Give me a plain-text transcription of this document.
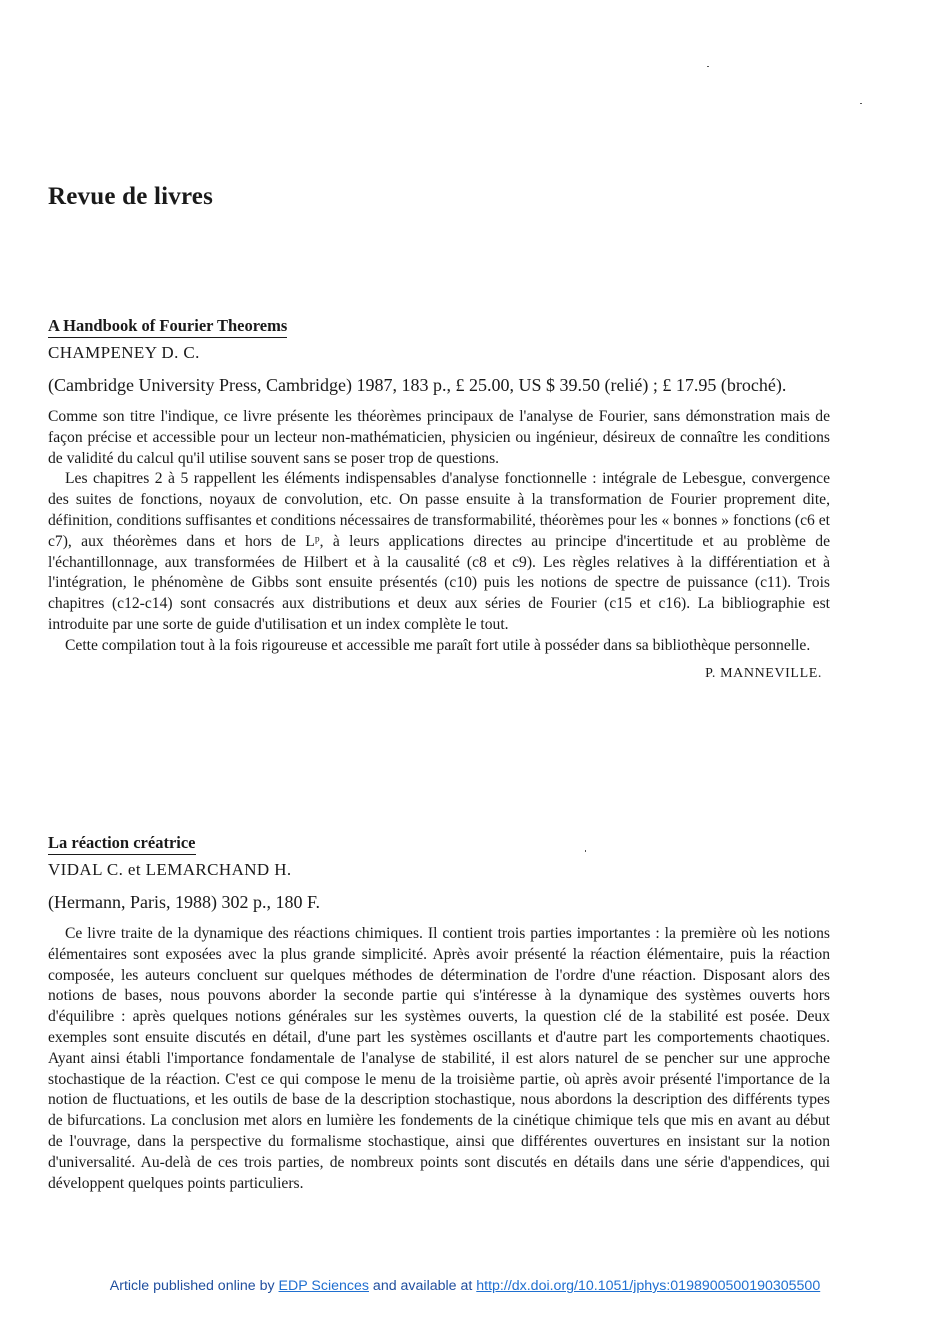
Revue de livres
A Handbook of Fourier Theorems
CHAMPENEY D. C.
(Cambridge University Press, Cambridge) 1987, 183 p., £ 25.00, US $ 39.50 (relié) ; £ 17.95 (broché).

Comme son titre l'indique, ce livre présente les théorèmes principaux de l'analyse de Fourier, sans démonstration mais de façon précise et accessible pour un lecteur non-mathématicien, physicien ou ingénieur, désireux de connaître les conditions de validité du calcul qu'il utilise souvent sans se poser trop de questions.

Les chapitres 2 à 5 rappellent les éléments indispensables d'analyse fonctionnelle : intégrale de Lebesgue, convergence des suites de fonctions, noyaux de convolution, etc. On passe ensuite à la transformation de Fourier proprement dite, définition, conditions suffisantes et conditions nécessaires de transformabilité, théorèmes pour les « bonnes » fonctions (c6 et c7), aux théorèmes dans et hors de Lᵖ, à leurs applications directes au principe d'incertitude et au problème de l'échantillonnage, aux transformées de Hilbert et à la causalité (c8 et c9). Les règles relatives à la différentiation et à l'intégration, le phénomène de Gibbs sont ensuite présentés (c10) puis les notions de spectre de puissance (c11). Trois chapitres (c12-c14) sont consacrés aux distributions et deux aux séries de Fourier (c15 et c16). La bibliographie est introduite par une sorte de guide d'utilisation et un index complète le tout.

Cette compilation tout à la fois rigoureuse et accessible me paraît fort utile à posséder dans sa bibliothèque personnelle.

P. MANNEVILLE.
La réaction créatrice
VIDAL C. et LEMARCHAND H.
(Hermann, Paris, 1988) 302 p., 180 F.

Ce livre traite de la dynamique des réactions chimiques. Il contient trois parties importantes : la première où les notions élémentaires sont exposées avec la plus grande simplicité. Après avoir présenté la réaction élémentaire, puis la réaction composée, les auteurs concluent sur quelques méthodes de détermination de l'ordre d'une réaction. Disposant alors des notions de bases, nous pouvons aborder la seconde partie qui s'intéresse à la dynamique des systèmes ouverts hors d'équilibre : après quelques notions générales sur les systèmes ouverts, la question clé de la stabilité est posée. Deux exemples sont ensuite discutés en détail, d'une part les systèmes oscillants et d'autre part les comportements chaotiques. Ayant ainsi établi l'importance fondamentale de l'analyse de stabilité, il est alors naturel de se pencher sur une approche stochastique de la réaction. C'est ce qui compose le menu de la troisième partie, où après avoir présenté l'importance de la notion de fluctuations, et les outils de base de la description stochastique, nous abordons la description des différents types de bifurcations. La conclusion met alors en lumière les fondements de la cinétique chimique tels que mis en avant au début de l'ouvrage, dans la perspective du formalisme stochastique, ainsi que différentes ouvertures en insistant sur la notion d'universalité. Au-delà de ces trois parties, de nombreux points sont discutés en détails dans une série d'appendices, qui développent quelques points particuliers.

Article published online by EDP Sciences and available at http://dx.doi.org/10.1051/jphys:0198900500190305500
